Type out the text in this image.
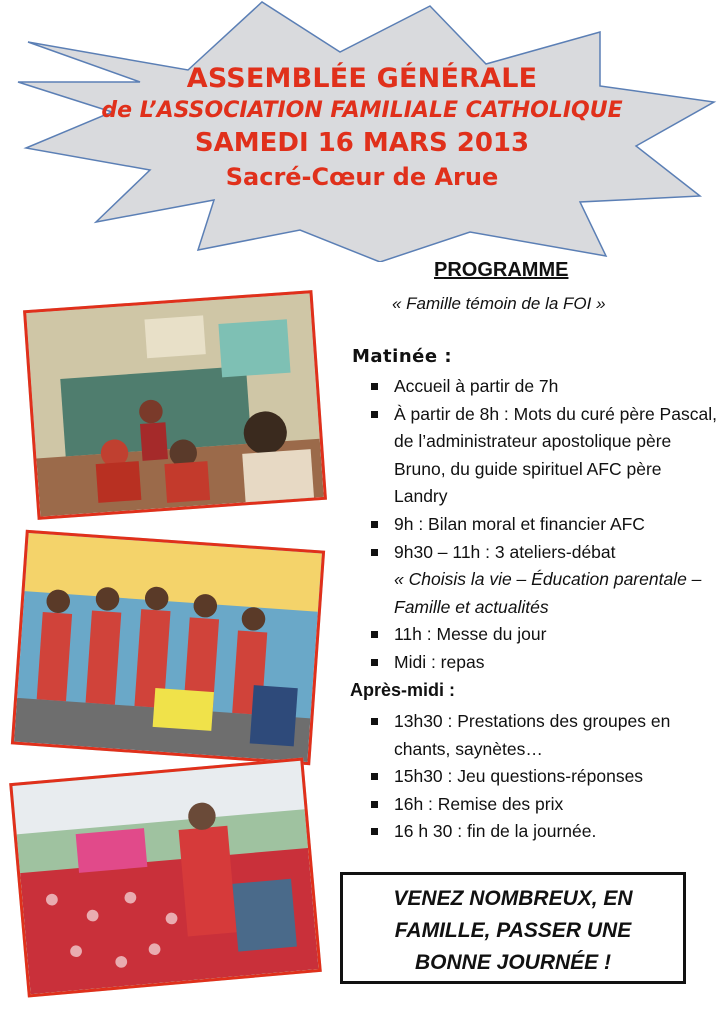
ASSEMBLÉE GÉNÉRALE
de L’ASSOCIATION FAMILIALE CATHOLIQUE
SAMEDI 16 MARS 2013
Sacré-Cœur de Arue
PROGRAMME
« Famille témoin de la FOI »
Matinée :
Accueil à partir de 7h
À partir de 8h : Mots du curé père Pascal, de l’administrateur apostolique père Bruno, du guide spirituel AFC père Landry
9h : Bilan moral et financier AFC
9h30 – 11h : 3 ateliers-débat
« Choisis la vie – Éducation parentale – Famille et actualités
11h : Messe du jour
Midi : repas
Après-midi :
13h30 : Prestations des groupes en chants, saynètes…
15h30 : Jeu questions-réponses
16h : Remise des prix
16 h 30 : fin de la journée.
VENEZ NOMBREUX, EN
FAMILLE, PASSER UNE
BONNE JOURNÉE !
